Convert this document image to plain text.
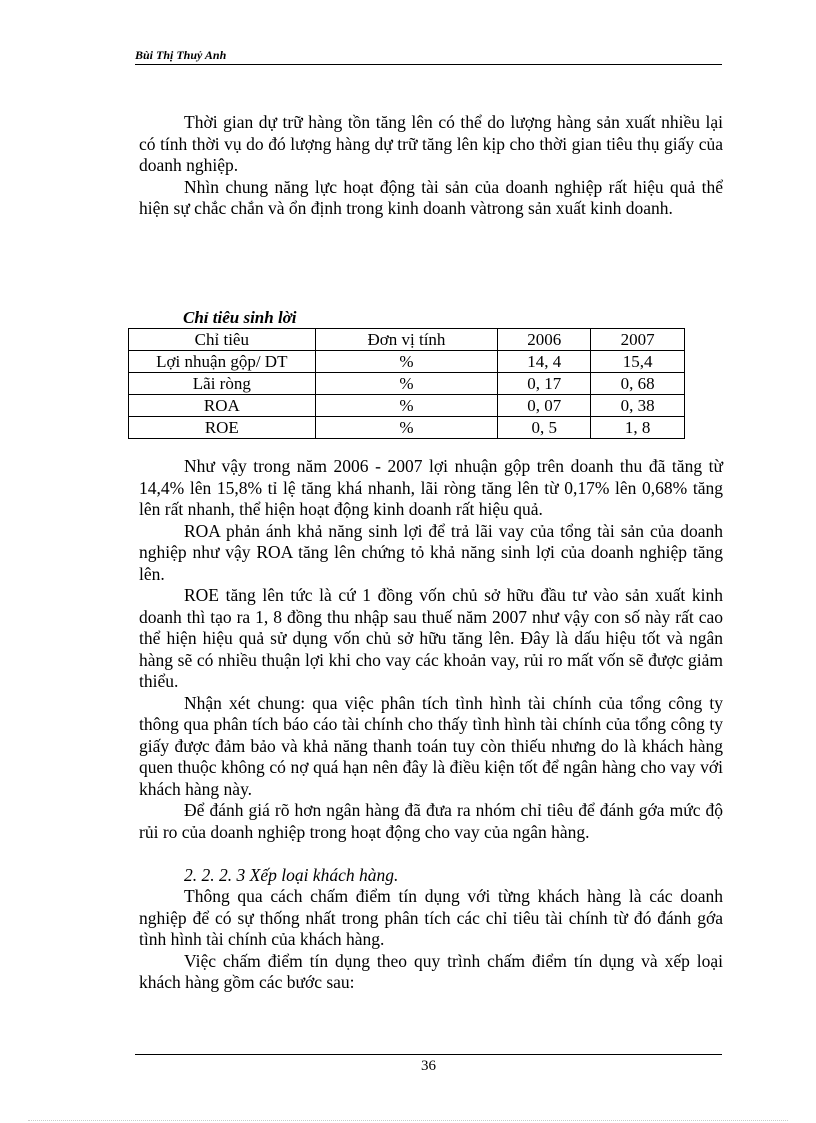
Bùi Thị Thuỷ Anh

Thời gian dự trữ hàng tồn tăng lên có thể do lượng hàng sản xuất nhiều lại có tính thời vụ do đó lượng hàng dự trữ tăng lên kịp cho thời gian tiêu thụ giấy của doanh nghiệp.

Nhìn chung năng lực hoạt động tài sản của doanh nghiệp rất hiệu quả thể hiện sự chắc chắn và ổn định trong kinh doanh vàtrong sản xuất kinh doanh.

Chỉ tiêu sinh lời
Chỉ tiêu	Đơn vị tính	2006	2007
Lợi nhuận gộp/ DT	%	14, 4	15,4
Lãi ròng	%	0, 17	0, 68
ROA	%	0, 07	0, 38
ROE	%	0, 5	1, 8

Như vậy trong năm 2006 - 2007 lợi nhuận gộp trên doanh thu đã tăng từ 14,4% lên 15,8% tỉ lệ tăng khá nhanh, lãi ròng tăng lên từ 0,17% lên 0,68% tăng lên rất nhanh, thể hiện hoạt động kinh doanh rất hiệu quả.

ROA phản ánh khả năng sinh lợi để trả lãi vay của tổng tài sản của doanh nghiệp như vậy ROA tăng lên chứng tỏ khả năng sinh lợi của doanh nghiệp tăng lên.

ROE tăng lên tức là cứ 1 đồng vốn chủ sở hữu đầu tư vào sản xuất kinh doanh thì tạo ra 1, 8 đồng thu nhập sau thuế năm 2007 như vậy con số này rất cao thể hiện hiệu quả sử dụng vốn chủ sở hữu tăng lên. Đây là dấu hiệu tốt và ngân hàng sẽ có nhiều thuận lợi khi cho vay các khoản vay, rủi ro mất vốn sẽ được giảm thiểu.

Nhận xét chung: qua việc phân tích tình hình tài chính của tổng công ty thông qua phân tích báo cáo tài chính cho thấy tình hình tài chính của tổng công ty giấy được đảm bảo và khả năng thanh toán tuy còn thiếu nhưng do là khách hàng quen thuộc không có nợ quá hạn nên đây là điều kiện tốt để ngân hàng cho vay với khách hàng này.

Để đánh giá rõ hơn ngân hàng đã đưa ra nhóm chỉ tiêu để đánh gớa mức độ rủi ro của doanh nghiệp trong hoạt động cho vay của ngân hàng.

2. 2. 2. 3 Xếp loại khách hàng.

Thông qua cách chấm điểm tín dụng với từng khách hàng là các doanh nghiệp để có sự thống nhất trong phân tích các chỉ tiêu tài chính từ đó đánh gớa tình hình tài chính của khách hàng.

Việc chấm điểm tín dụng theo quy trình chấm điểm tín dụng và xếp loại khách hàng gồm các bước sau:

36
